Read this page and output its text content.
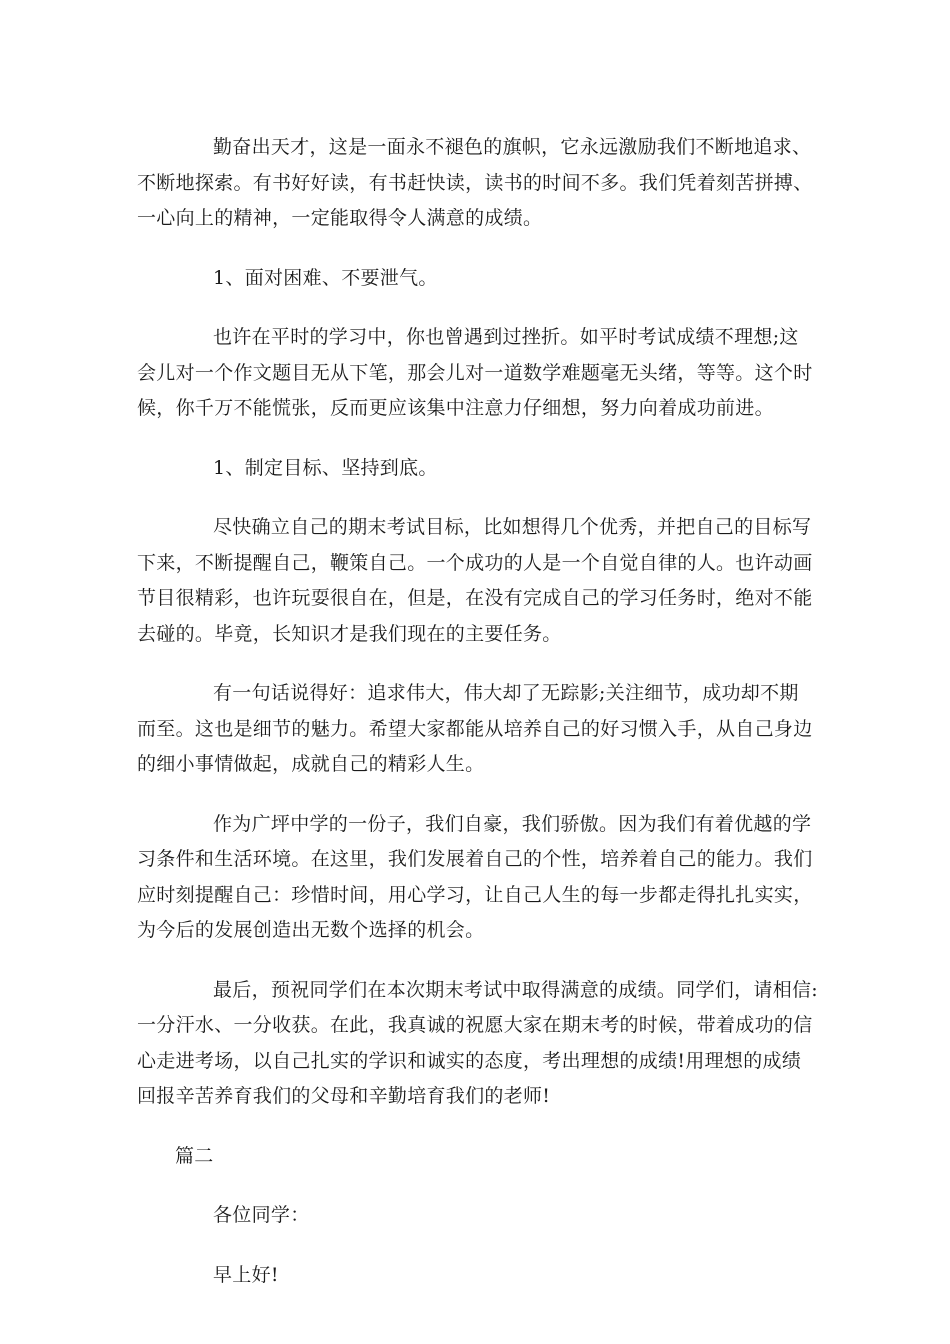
勤奋出天才，这是一面永不褪色的旗帜，它永远激励我们不断地追求、
不断地探索。有书好好读，有书赶快读，读书的时间不多。我们凭着刻苦拼搏、
一心向上的精神，一定能取得令人满意的成绩。

1、面对困难、不要泄气。

也许在平时的学习中，你也曾遇到过挫折。如平时考试成绩不理想;这
会儿对一个作文题目无从下笔，那会儿对一道数学难题毫无头绪，等等。这个时
候，你千万不能慌张，反而更应该集中注意力仔细想，努力向着成功前进。

1、制定目标、坚持到底。

尽快确立自己的期末考试目标，比如想得几个优秀，并把自己的目标写
下来，不断提醒自己，鞭策自己。一个成功的人是一个自觉自律的人。也许动画
节目很精彩，也许玩耍很自在，但是，在没有完成自己的学习任务时，绝对不能
去碰的。毕竟，长知识才是我们现在的主要任务。

有一句话说得好：追求伟大，伟大却了无踪影;关注细节，成功却不期
而至。这也是细节的魅力。希望大家都能从培养自己的好习惯入手，从自己身边
的细小事情做起，成就自己的精彩人生。

作为广坪中学的一份子，我们自豪，我们骄傲。因为我们有着优越的学
习条件和生活环境。在这里，我们发展着自己的个性，培养着自己的能力。我们
应时刻提醒自己：珍惜时间，用心学习，让自己人生的每一步都走得扎扎实实，
为今后的发展创造出无数个选择的机会。

最后，预祝同学们在本次期末考试中取得满意的成绩。同学们，请相信:
一分汗水、一分收获。在此，我真诚的祝愿大家在期末考的时候，带着成功的信
心走进考场，以自己扎实的学识和诚实的态度，考出理想的成绩!用理想的成绩
回报辛苦养育我们的父母和辛勤培育我们的老师!

篇二

各位同学：

早上好!
